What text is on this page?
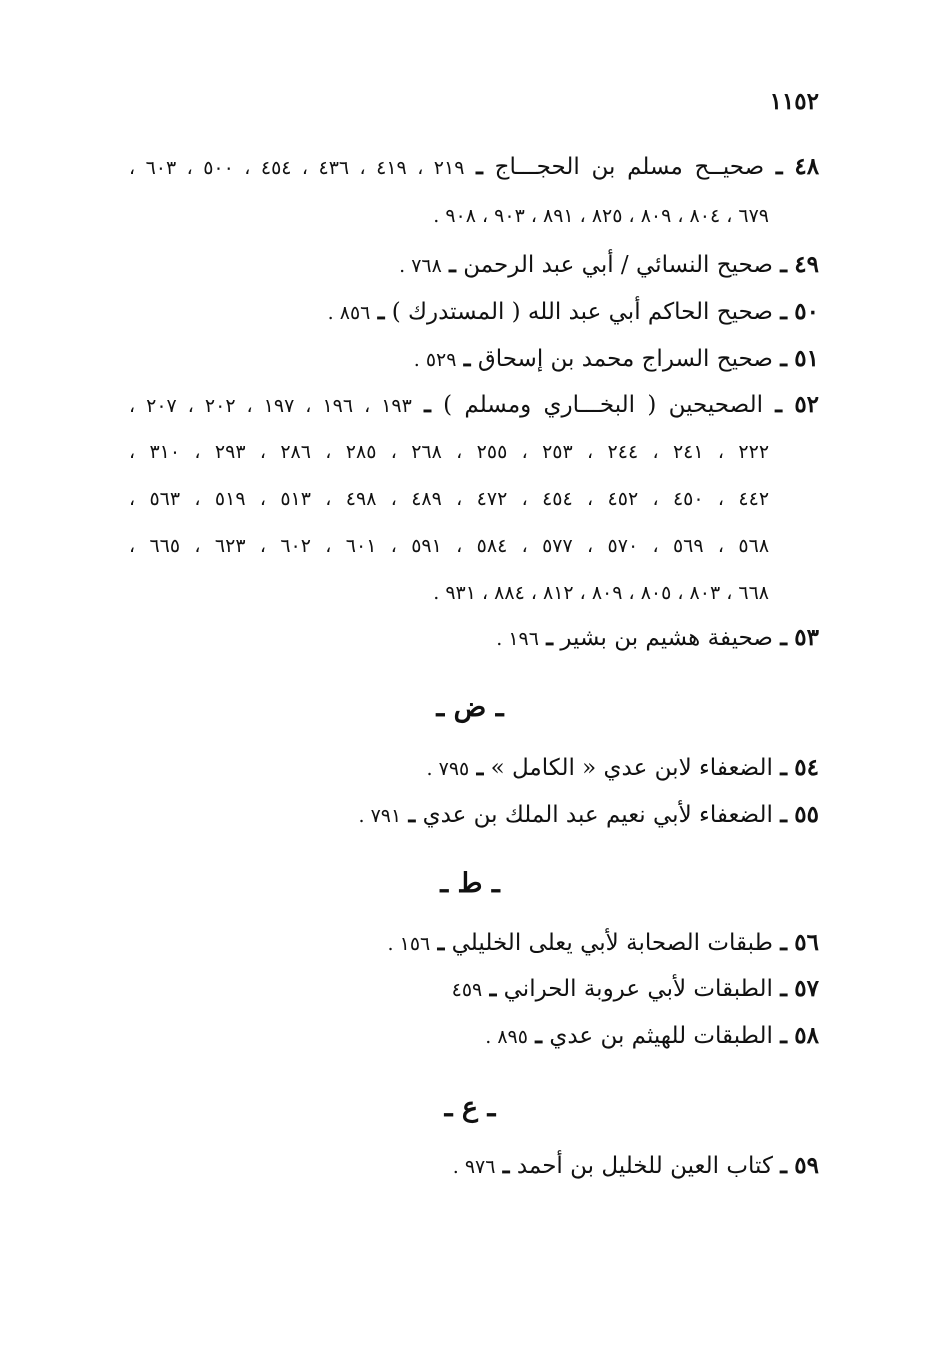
١١٥٢
٤٨ ـ صحيــح مسلم بن الحجـــاج ـ ٢١٩ ، ٤١٩ ، ٤٣٦ ، ٤٥٤ ، ٥٠٠ ، ٦٠٣ ،
٦٧٩ ، ٨٠٤ ، ٨٠٩ ، ٨٢٥ ، ٨٩١ ، ٩٠٣ ، ٩٠٨ .
٤٩ ـ صحيح النسائي / أبي عبد الرحمن ـ ٧٦٨ .
٥٠ ـ صحيح الحاكم أبي عبد الله ( المستدرك ) ـ ٨٥٦ .
٥١ ـ صحيح السراج محمد بن إسحاق ـ ٥٢٩ .
٥٢ ـ الصحيحين ( البخـــاري ومسلم ) ـ ١٩٣ ، ١٩٦ ، ١٩٧ ، ٢٠٢ ، ٢٠٧ ،
٢٢٢ ، ٢٤١ ، ٢٤٤ ، ٢٥٣ ، ٢٥٥ ، ٢٦٨ ، ٢٨٥ ، ٢٨٦ ، ٢٩٣ ، ٣١٠ ،
٤٤٢ ، ٤٥٠ ، ٤٥٢ ، ٤٥٤ ، ٤٧٢ ، ٤٨٩ ، ٤٩٨ ، ٥١٣ ، ٥١٩ ، ٥٦٣ ،
٥٦٨ ، ٥٦٩ ، ٥٧٠ ، ٥٧٧ ، ٥٨٤ ، ٥٩١ ، ٦٠١ ، ٦٠٢ ، ٦٢٣ ، ٦٦٥ ،
٦٦٨ ، ٨٠٣ ، ٨٠٥ ، ٨٠٩ ، ٨١٢ ، ٨٨٤ ، ٩٣١ .
٥٣ ـ صحيفة هشيم بن بشير ـ ١٩٦ .
ـ ض ـ
٥٤ ـ الضعفاء لابن عدي « الكامل » ـ ٧٩٥ .
٥٥ ـ الضعفاء لأبي نعيم عبد الملك بن عدي ـ ٧٩١ .
ـ ط ـ
٥٦ ـ طبقات الصحابة لأبي يعلى الخليلي ـ ١٥٦ .
٥٧ ـ الطبقات لأبي عروبة الحراني ـ ٤٥٩
٥٨ ـ الطبقات للهيثم بن عدي ـ ٨٩٥ .
ـ ع ـ
٥٩ ـ كتاب العين للخليل بن أحمد ـ ٩٧٦ .
